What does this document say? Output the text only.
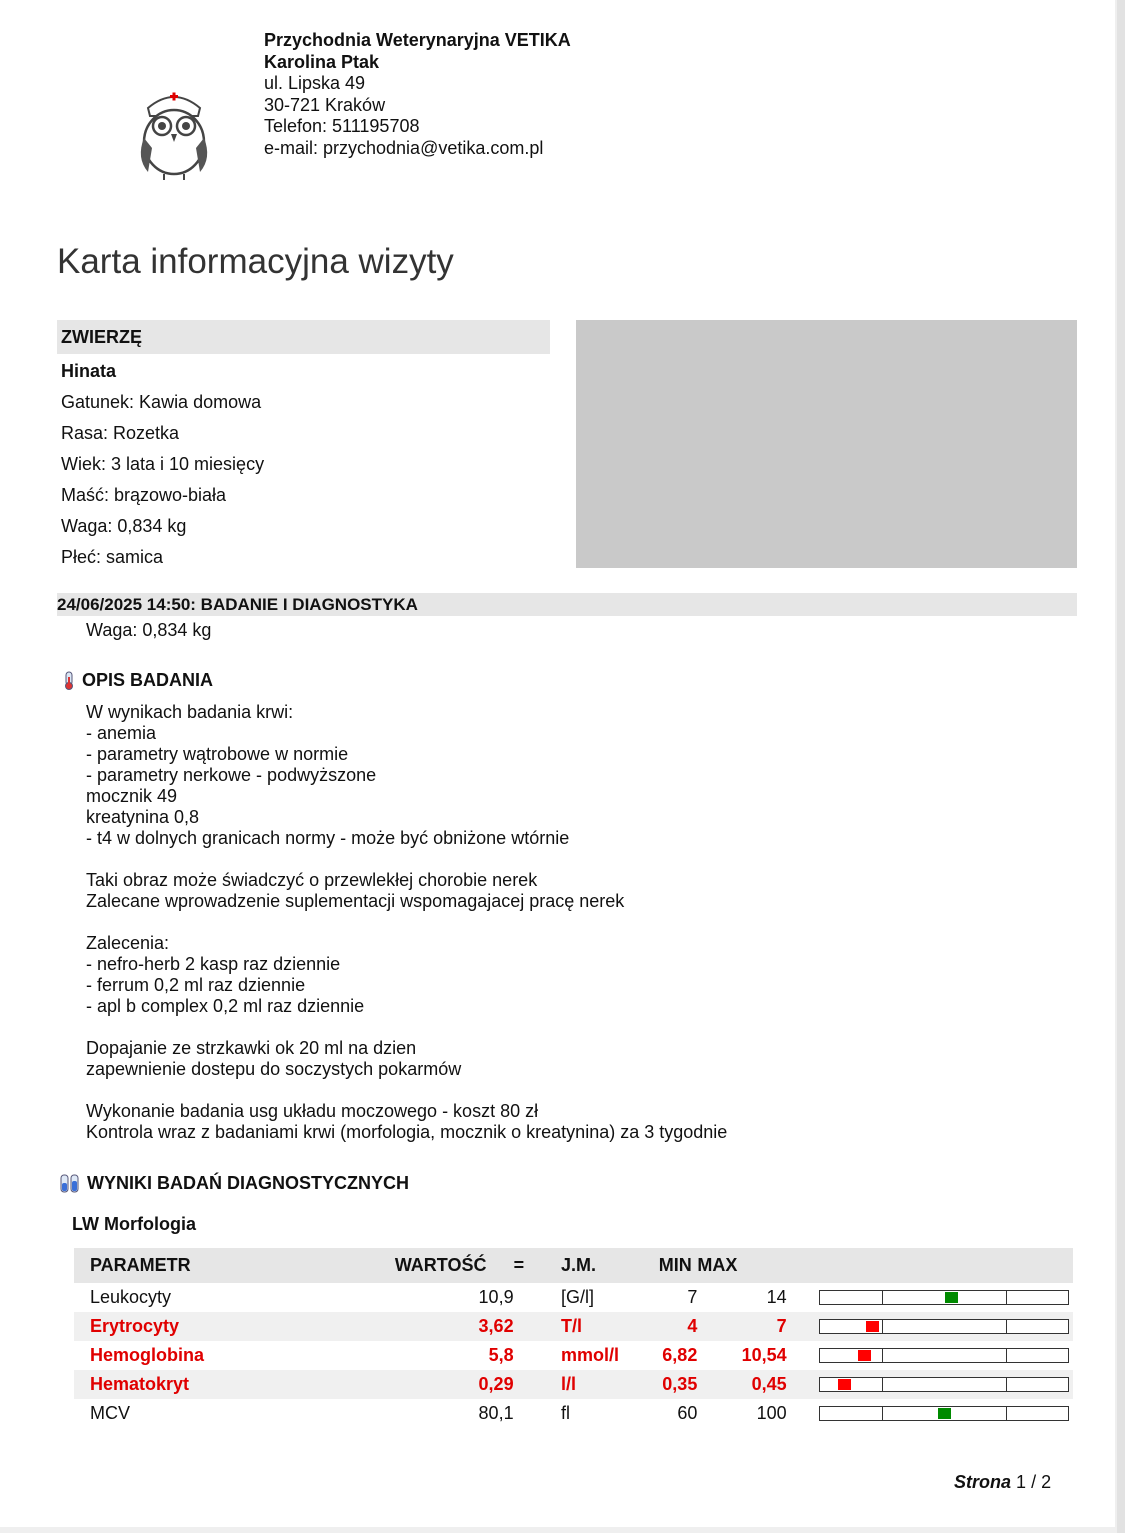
Przychodnia Weterynaryjna VETIKA
Karolina Ptak
ul. Lipska 49
30-721 Kraków
Telefon: 511195708
e-mail: przychodnia@vetika.com.pl
Karta informacyjna wizyty
ZWIERZĘ
Hinata
Gatunek: Kawia domowa
Rasa: Rozetka
Wiek: 3 lata i 10 miesięcy
Maść: brązowo-biała
Waga: 0,834 kg
Płeć: samica
24/06/2025 14:50: BADANIE I DIAGNOSTYKA
Waga: 0,834 kg
OPIS BADANIA
W wynikach badania krwi:
- anemia
- parametry wątrobowe w normie
- parametry nerkowe - podwyższone
mocznik 49
kreatynina 0,8
- t4 w dolnych granicach normy - może być obniżone wtórnie
Taki obraz może świadczyć o przewlekłej chorobie nerek
Zalecane wprowadzenie suplementacji wspomagajacej pracę nerek
Zalecenia:
- nefro-herb 2 kasp raz dziennie
- ferrum 0,2 ml raz dziennie
- apl b complex 0,2 ml raz dziennie
Dopajanie ze strzkawki ok 20 ml na dzien
zapewnienie dostepu do soczystych pokarmów
Wykonanie badania usg układu moczowego - koszt 80 zł
Kontrola wraz z badaniami krwi (morfologia, mocznik o kreatynina) za 3 tygodnie
WYNIKI BADAŃ DIAGNOSTYCZNYCH
LW Morfologia
PARAMETR	WARTOŚĆ	=	J.M.	MIN	MAX	
Leukocyty	10,9		[G/l]	7	14	

Erytrocyty	3,62		T/l	4	7	

Hemoglobina	5,8		mmol/l	6,82	10,54	

Hematokryt	0,29		l/l	0,35	0,45	

MCV	80,1		fl	60	100	
Strona 1 / 2
